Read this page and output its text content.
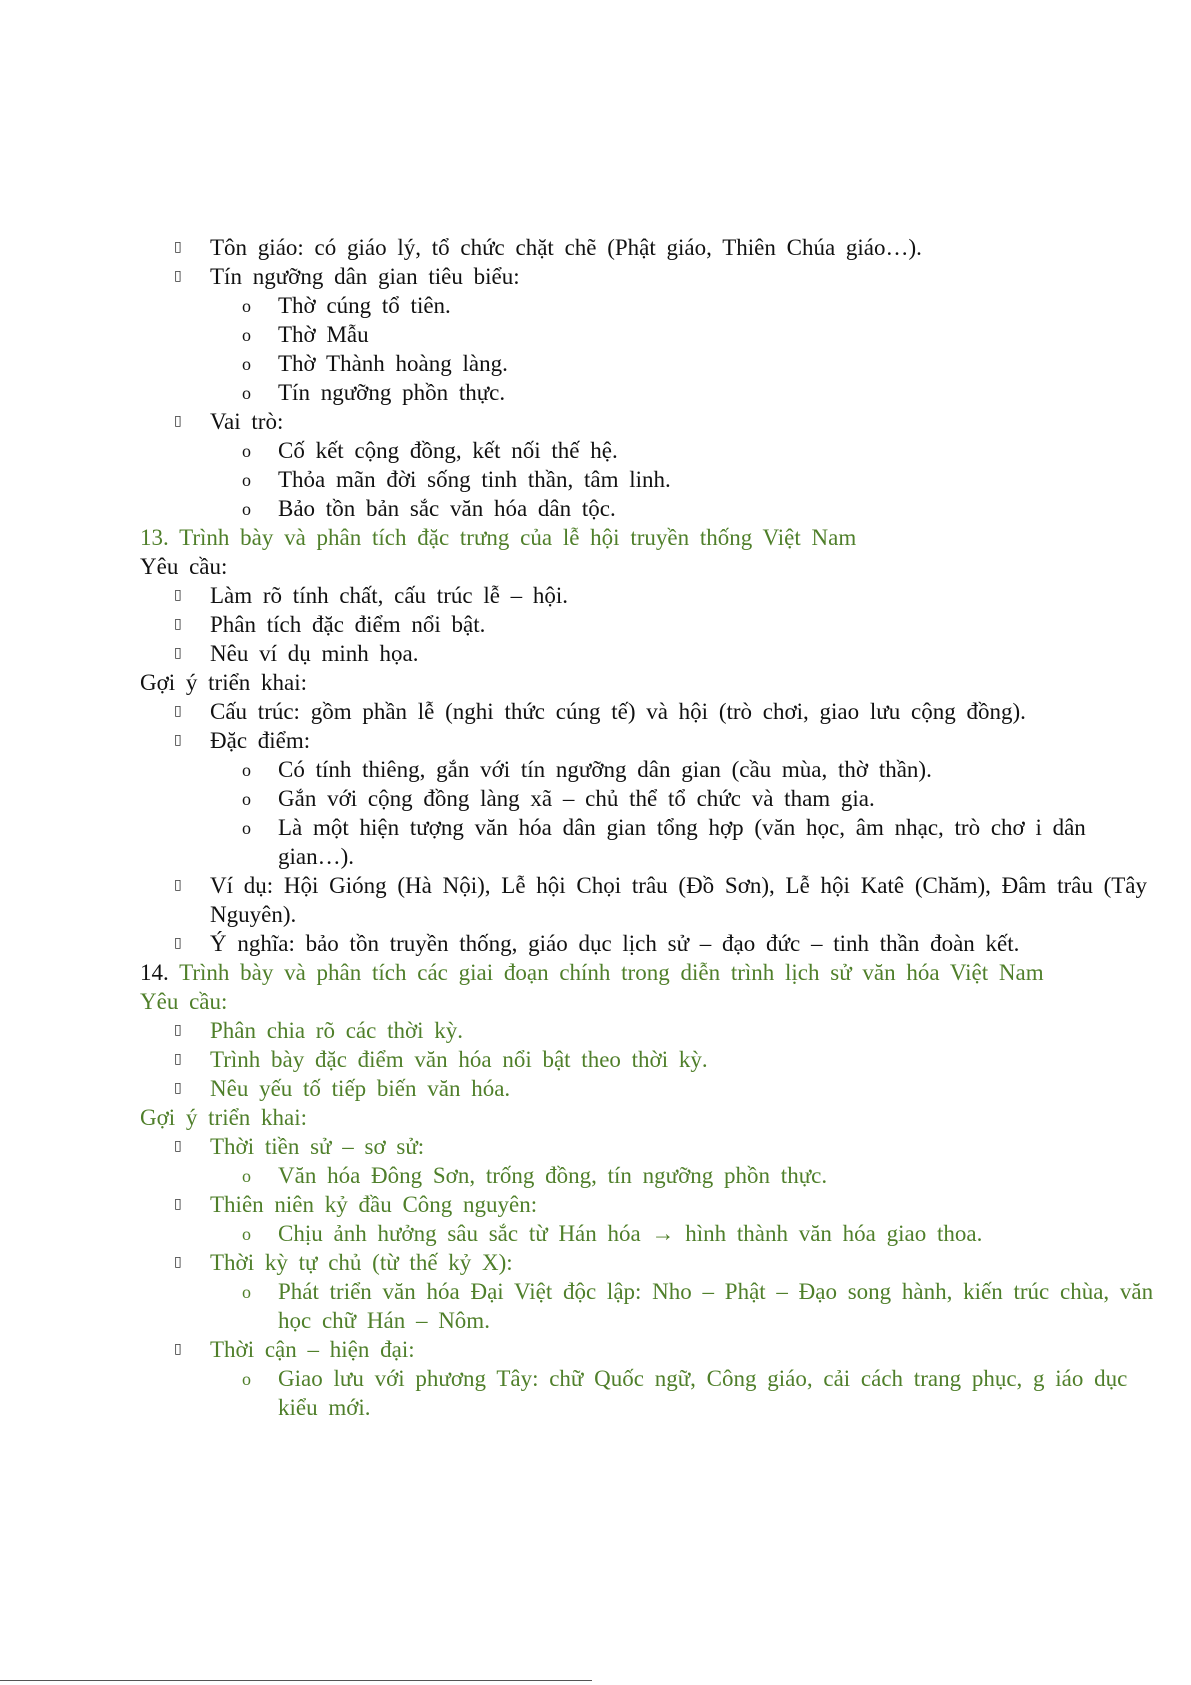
▯ Tôn giáo: có giáo lý, tổ chức chặt chẽ (Phật giáo, Thiên Chúa giáo…).
▯ Tín ngưỡng dân gian tiêu biểu:
o Thờ cúng tổ tiên.
o Thờ Mẫu
o Thờ Thành hoàng làng.
o Tín ngưỡng phồn thực.
▯ Vai trò:
o Cố kết cộng đồng, kết nối thế hệ.
o Thỏa mãn đời sống tinh thần, tâm linh.
o Bảo tồn bản sắc văn hóa dân tộc.
13. Trình bày và phân tích đặc trưng của lễ hội truyền thống Việt Nam
Yêu cầu:
▯ Làm rõ tính chất, cấu trúc lễ – hội.
▯ Phân tích đặc điểm nổi bật.
▯ Nêu ví dụ minh họa.
Gợi ý triển khai:
▯ Cấu trúc: gồm phần lễ (nghi thức cúng tế) và hội (trò chơi, giao lưu cộng đồng).
▯ Đặc điểm:
o Có tính thiêng, gắn với tín ngưỡng dân gian (cầu mùa, thờ thần).
o Gắn với cộng đồng làng xã – chủ thể tổ chức và tham gia.
o Là một hiện tượng văn hóa dân gian tổng hợp (văn học, âm nhạc, trò chơ i dân gian…).
▯ Ví dụ: Hội Gióng (Hà Nội), Lễ hội Chọi trâu (Đồ Sơn), Lễ hội Katê (Chăm), Đâm trâu (Tây Nguyên).
▯ Ý nghĩa: bảo tồn truyền thống, giáo dục lịch sử – đạo đức – tinh thần đoàn kết.
14. Trình bày và phân tích các giai đoạn chính trong diễn trình lịch sử văn hóa Việt Nam
Yêu cầu:
▯ Phân chia rõ các thời kỳ.
▯ Trình bày đặc điểm văn hóa nổi bật theo thời kỳ.
▯ Nêu yếu tố tiếp biến văn hóa.
Gợi ý triển khai:
▯ Thời tiền sử – sơ sử:
o Văn hóa Đông Sơn, trống đồng, tín ngưỡng phồn thực.
▯ Thiên niên kỷ đầu Công nguyên:
o Chịu ảnh hưởng sâu sắc từ Hán hóa → hình thành văn hóa giao thoa.
▯ Thời kỳ tự chủ (từ thế kỷ X):
o Phát triển văn hóa Đại Việt độc lập: Nho – Phật – Đạo song hành, kiến trúc chùa, văn học chữ Hán – Nôm.
▯ Thời cận – hiện đại:
o Giao lưu với phương Tây: chữ Quốc ngữ, Công giáo, cải cách trang phục, g iáo dục kiểu mới.
